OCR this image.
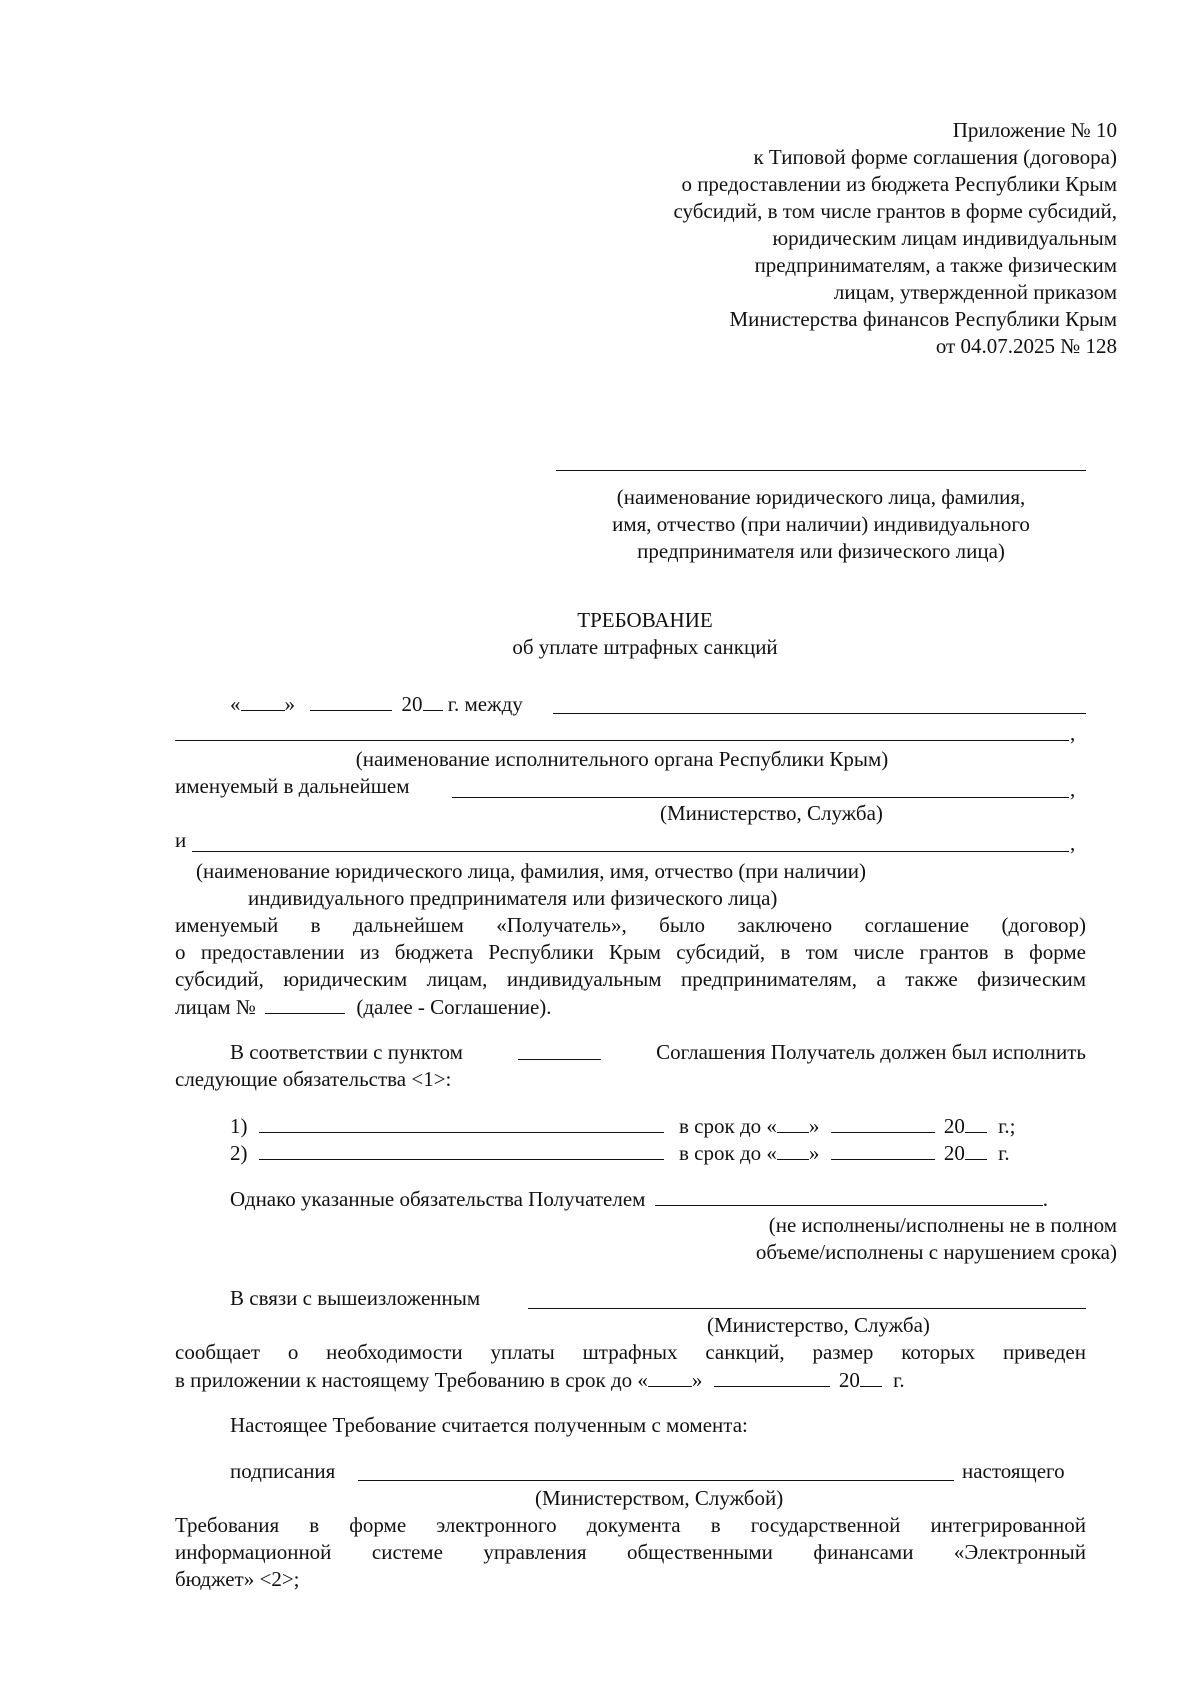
Приложение № 10
к Типовой форме соглашения (договора)
о предоставлении из бюджета Республики Крым
субсидий, в том числе грантов в форме субсидий,
юридическим лицам индивидуальным
предпринимателям, а также физическим
лицам, утвержденной приказом
Министерства финансов Республики Крым
от 04.07.2025 № 128
(наименование юридического лица, фамилия,
имя, отчество (при наличии) индивидуального
предпринимателя или физического лица)
ТРЕБОВАНИЕ
об уплате штрафных санкций
« »	20 г. между
,
(наименование исполнительного органа Республики Крым)
именуемый в дальнейшем	,
(Министерство, Служба)
и	,
(наименование юридического лица, фамилия, имя, отчество (при наличии)
индивидуального предпринимателя или физического лица)
именуемый в дальнейшем «Получатель», было заключено соглашение (договор)
о предоставлении из бюджета Республики Крым субсидий, в том числе грантов в форме
субсидий, юридическим лицам, индивидуальным предпринимателям, а также физическим
лицам №	(далее - Соглашение).
В соответствии с пунктом	Соглашения Получатель должен был исполнить
следующие обязательства <1>:
1)	в срок до « »	20 г.;
2)	в срок до « »	20 г.
Однако указанные обязательства Получателем	.
(не исполнены/исполнены не в полном
объеме/исполнены с нарушением срока)
В связи с вышеизложенным
(Министерство, Служба)
сообщает о необходимости уплаты штрафных санкций, размер которых приведен
в приложении к настоящему Требованию в срок до « »	20 г.
Настоящее Требование считается полученным с момента:
подписания	настоящего
(Министерством, Службой)
Требования в форме электронного документа в государственной интегрированной
информационной системе управления общественными финансами «Электронный
бюджет» <2>;
